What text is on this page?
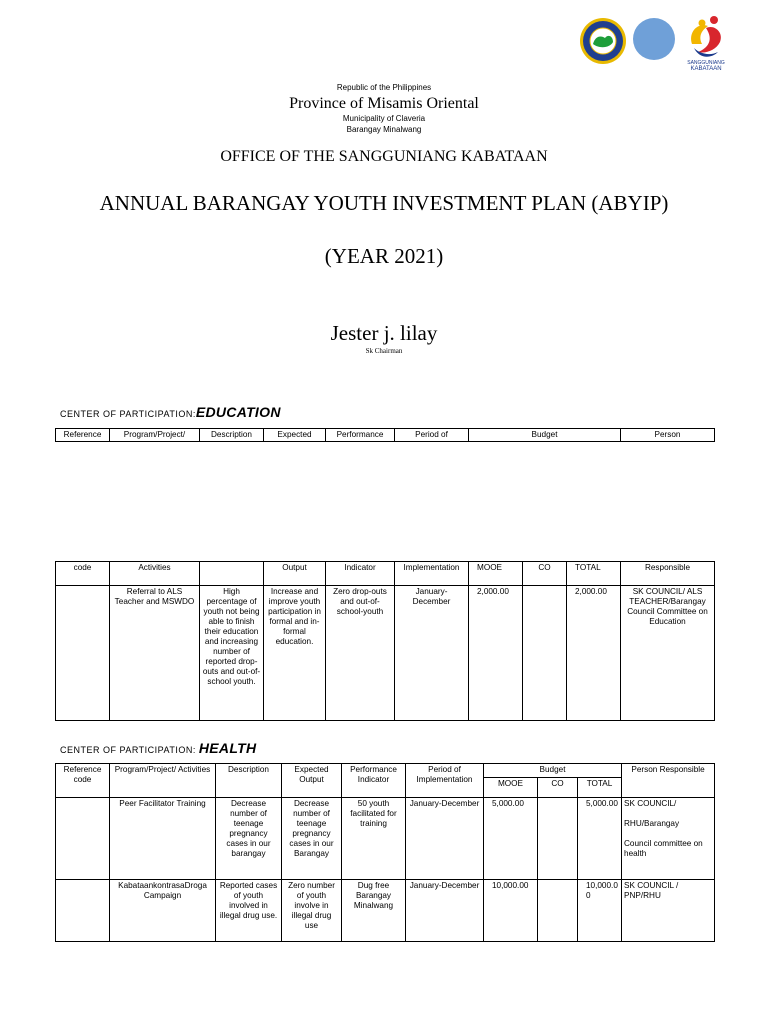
SANGGUNIANG
KABATAAN
Republic of the Philippines
Province of Misamis Oriental
Municipality of Claveria
Barangay Minalwang
OFFICE OF THE SANGGUNIANG KABATAAN
ANNUAL BARANGAY YOUTH INVESTMENT PLAN (ABYIP)
(YEAR 2021)
Jester j. lilay
Sk Chairman
CENTER OF PARTICIPATION:EDUCATION
Reference	Program/Project/	Description	Expected	Performance	Period of	Budget	Person
code	Activities		Output	Indicator	Implementation	MOOE	CO	TOTAL	Responsible
	Referral to ALS Teacher and MSWDO	High percentage of youth not being able to finish their education and increasing number of reported drop-outs and out-of-school youth.	Increase and improve youth participation in formal and in-formal education.	Zero drop-outs and out-of-school-youth	January-December	2,000.00		2,000.00	SK COUNCIL/ ALS TEACHER/Barangay Council Committee on Education
CENTER OF PARTICIPATION: HEALTH
Reference code	Program/Project/ Activities	Description	Expected Output	Performance Indicator	Period of Implementation	Budget			Person Responsible
						MOOE	CO	TOTAL	
	Peer Facilitator Training	Decrease number of teenage pregnancy cases in our barangay	Decrease number of teenage pregnancy cases in our Barangay	50 youth facilitated for training	January-December	5,000.00		5,000.00	SK COUNCIL/
RHU/Barangay
Council committee on health

	KabataankontrasaDroga Campaign	Reported cases of youth involved in illegal drug use.	Zero number of youth involve in illegal drug use	Dug free Barangay Minalwang	January-December	10,000.00		10,000.00	SK COUNCIL / PNP/RHU
